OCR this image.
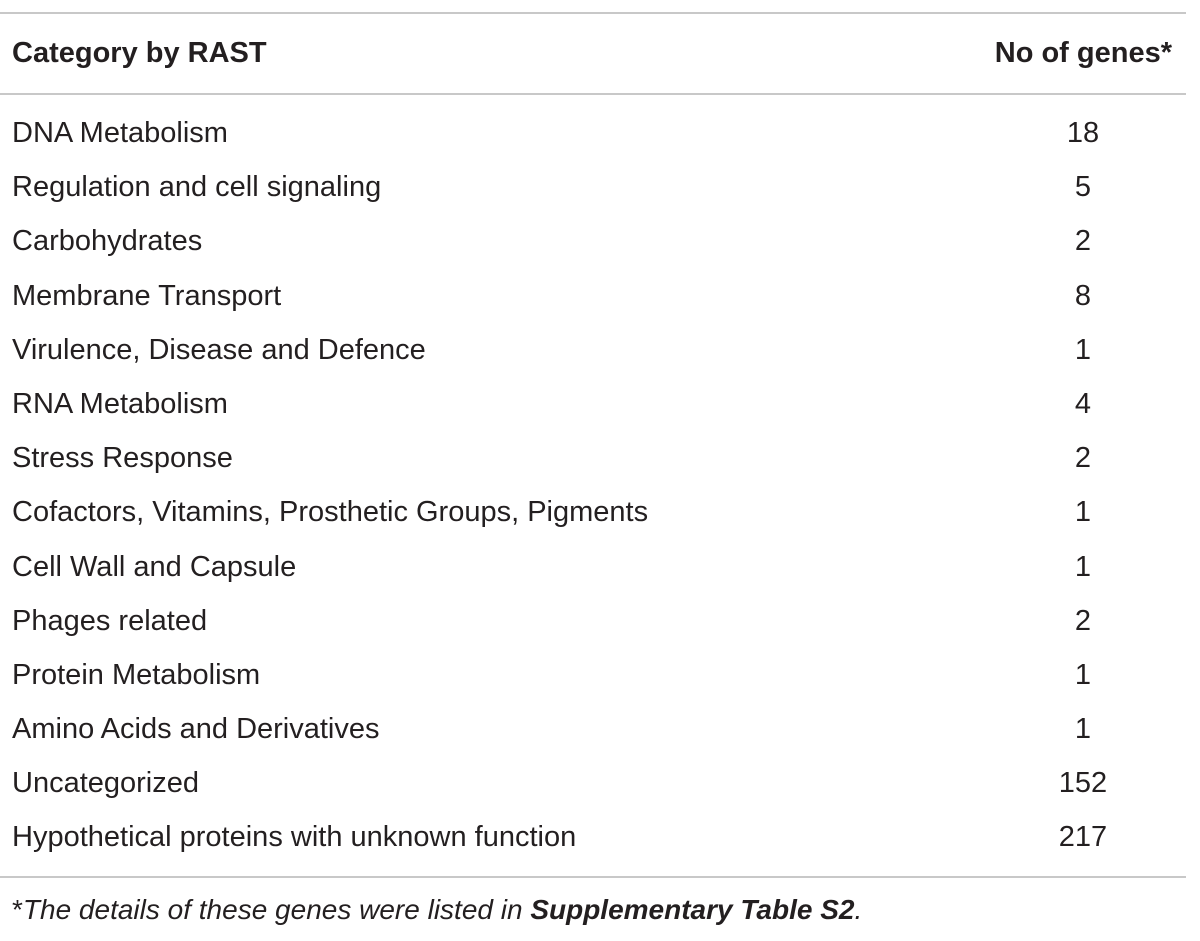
Category by RAST	No of genes*
DNA Metabolism	18
Regulation and cell signaling	5
Carbohydrates	2
Membrane Transport	8
Virulence, Disease and Defence	1
RNA Metabolism	4
Stress Response	2
Cofactors, Vitamins, Prosthetic Groups, Pigments	1
Cell Wall and Capsule	1
Phages related	2
Protein Metabolism	1
Amino Acids and Derivatives	1
Uncategorized	152
Hypothetical proteins with unknown function	217
*The details of these genes were listed in Supplementary Table S2.
